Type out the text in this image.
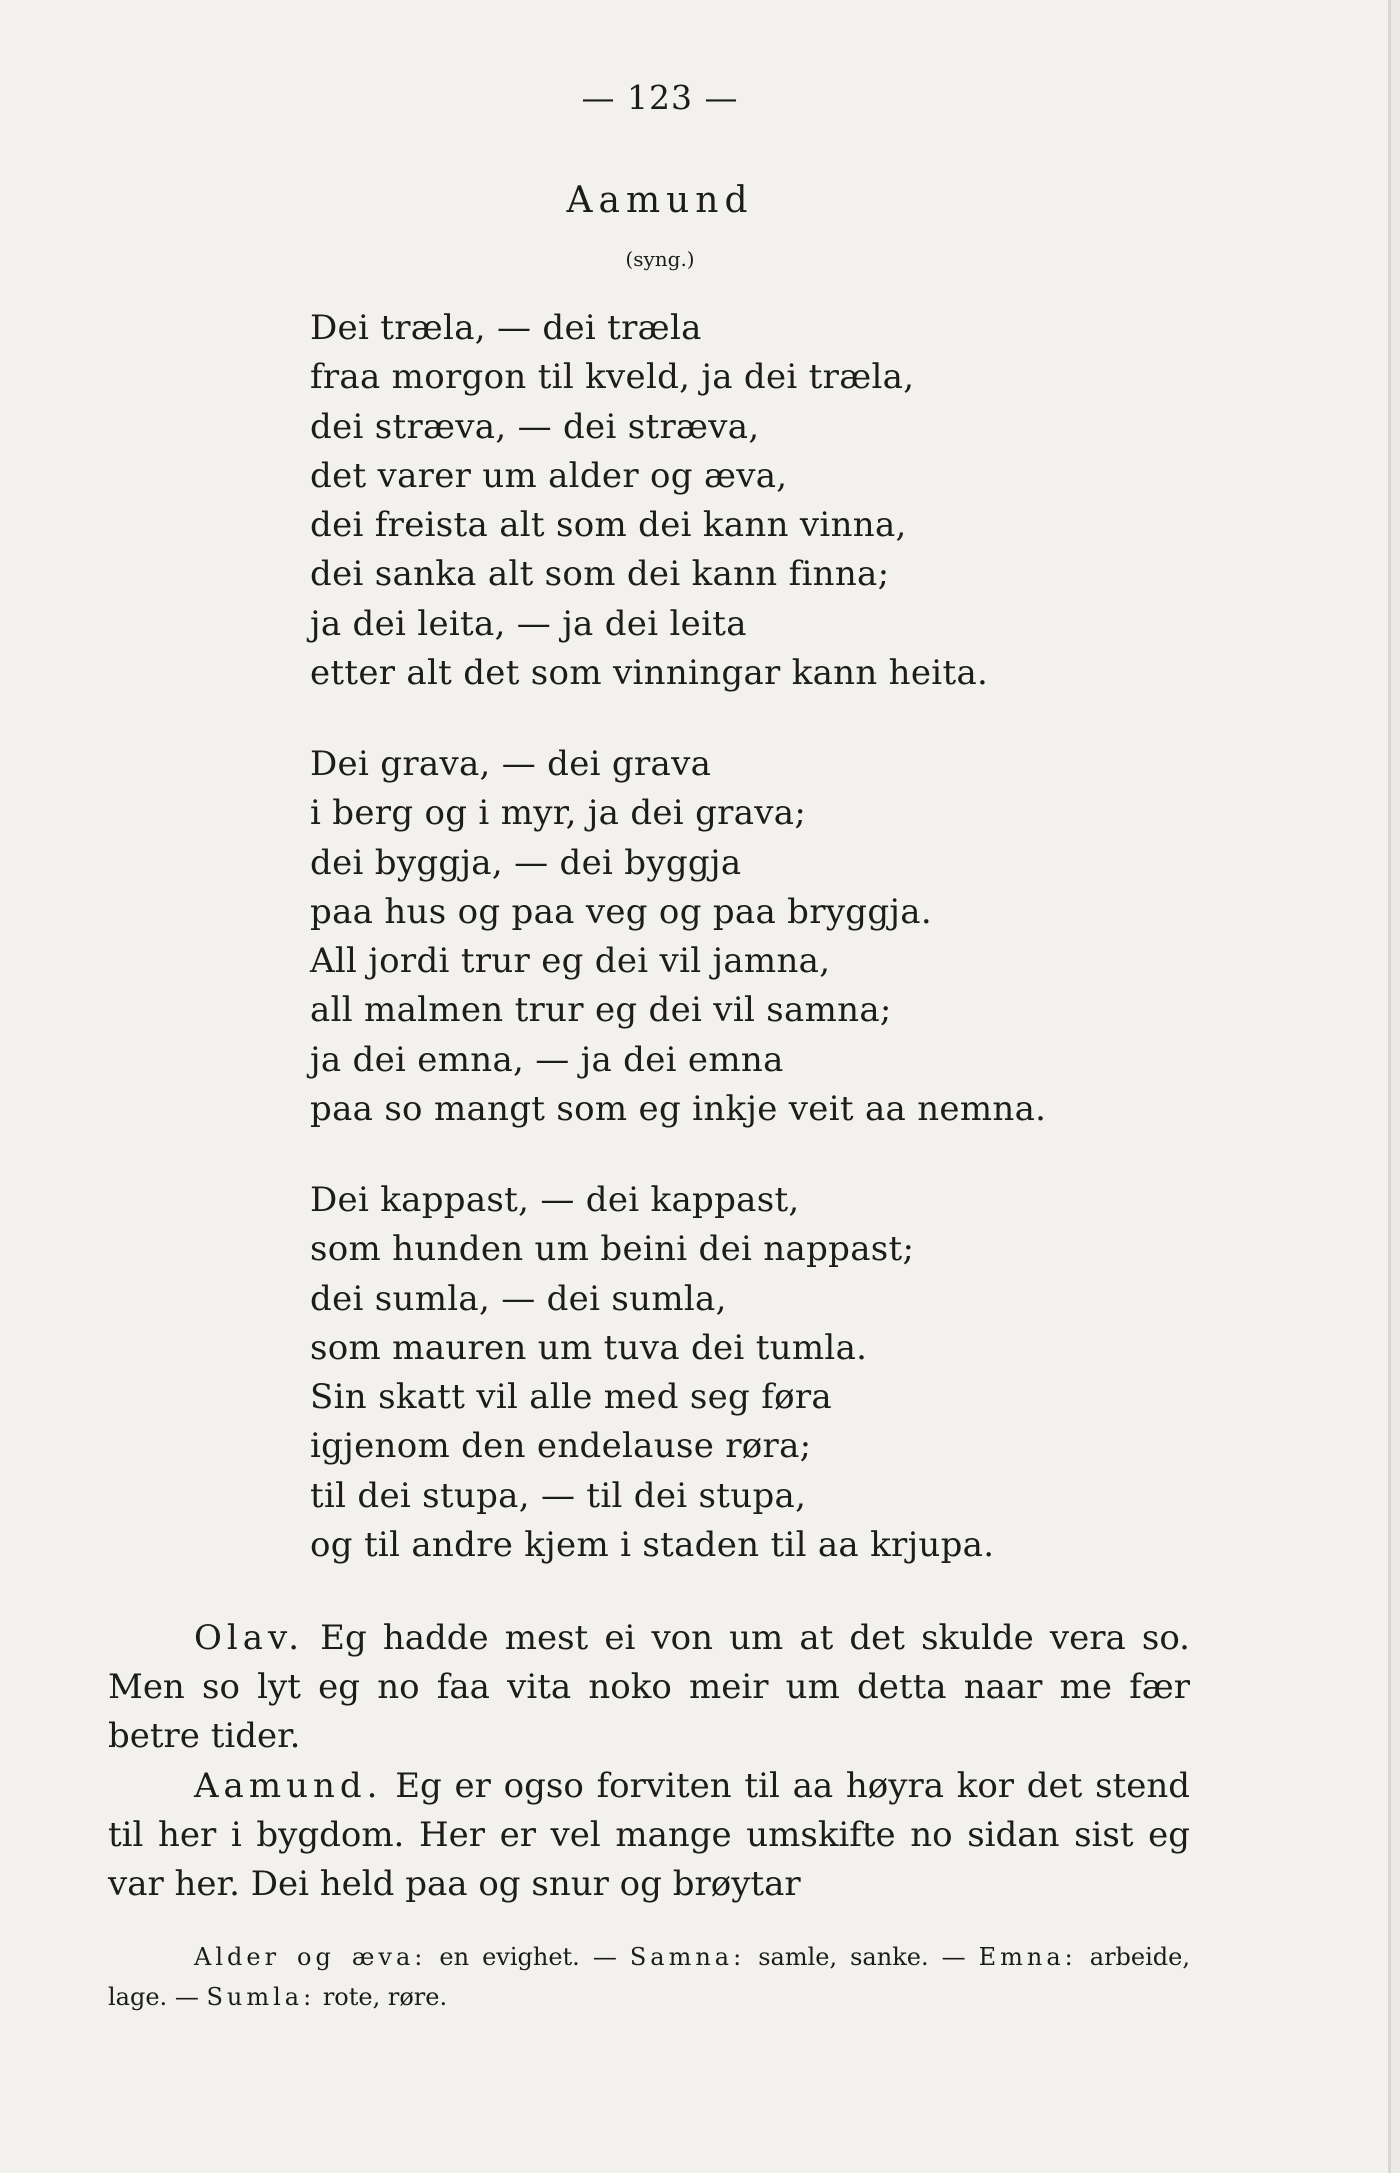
— 123 —
Aamund
(syng.)
Dei træla, — dei træla
fraa morgon til kveld, ja dei træla,
dei stræva, — dei stræva,
det varer um alder og æva,
dei freista alt som dei kann vinna,
dei sanka alt som dei kann finna;
ja dei leita, — ja dei leita
etter alt det som vinningar kann heita.
Dei grava, — dei grava
i berg og i myr, ja dei grava;
dei byggja, — dei byggja
paa hus og paa veg og paa bryggja.
All jordi trur eg dei vil jamna,
all malmen trur eg dei vil samna;
ja dei emna, — ja dei emna
paa so mangt som eg inkje veit aa nemna.
Dei kappast, — dei kappast,
som hunden um beini dei nappast;
dei sumla, — dei sumla,
som mauren um tuva dei tumla.
Sin skatt vil alle med seg føra
igjenom den endelause røra;
til dei stupa, — til dei stupa,
og til andre kjem i staden til aa krjupa.

Olav. Eg hadde mest ei von um at det skulde vera so. Men so lyt eg no faa vita noko meir um detta naar me fær betre tider.

Aamund. Eg er ogso forviten til aa høyra kor det stend til her i bygdom. Her er vel mange umskifte no sidan sist eg var her. Dei held paa og snur og brøytar

Alder og æva: en evighet. — Samna: samle, sanke. — Emna: arbeide, lage. — Sumla: rote, røre.
